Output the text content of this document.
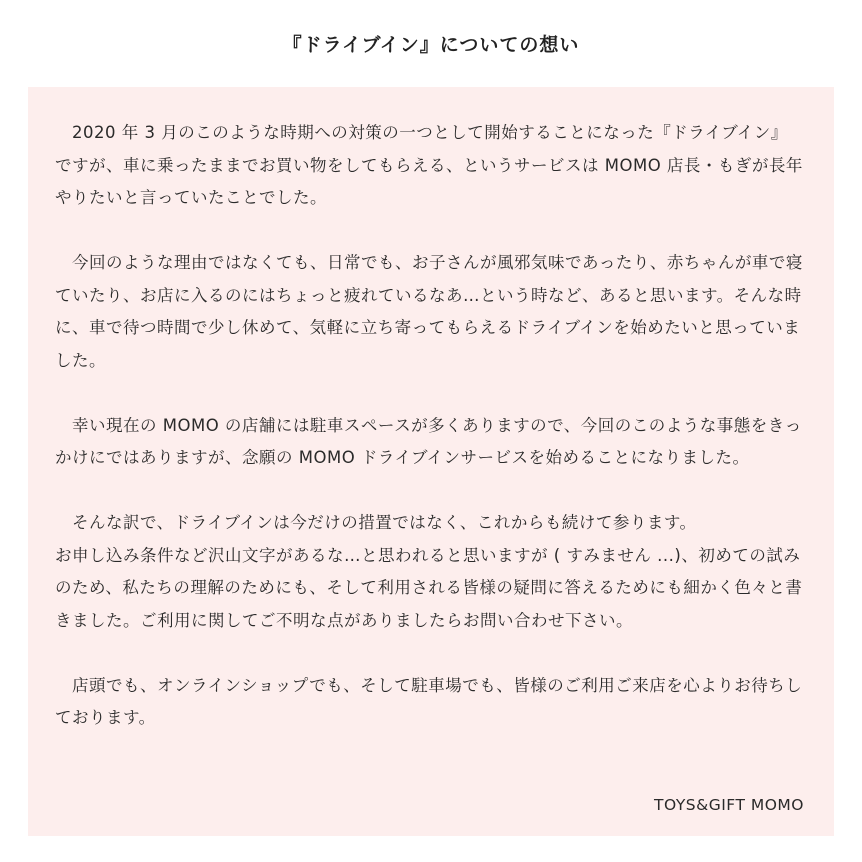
『ドライブイン』についての想い

　2020 年 3 月のこのような時期への対策の一つとして開始することになった『ドライブイン』ですが、車に乗ったままでお買い物をしてもらえる、というサービスは MOMO 店長・もぎが長年やりたいと言っていたことでした。

　今回のような理由ではなくても、日常でも、お子さんが風邪気味であったり、赤ちゃんが車で寝ていたり、お店に入るのにはちょっと疲れているなあ…という時など、あると思います。そんな時に、車で待つ時間で少し休めて、気軽に立ち寄ってもらえるドライブインを始めたいと思っていました。

　幸い現在の MOMO の店舗には駐車スペースが多くありますので、今回のこのような事態をきっかけにではありますが、念願の MOMO ドライブインサービスを始めることになりました。

　そんな訳で、ドライブインは今だけの措置ではなく、これからも続けて参ります。
お申し込み条件など沢山文字があるな…と思われると思いますが ( すみません ...)、初めての試みのため、私たちの理解のためにも、そして利用される皆様の疑問に答えるためにも細かく色々と書きました。ご利用に関してご不明な点がありましたらお問い合わせ下さい。

　店頭でも、オンラインショップでも、そして駐車場でも、皆様のご利用ご来店を心よりお待ちしております。

TOYS&GIFT MOMO
